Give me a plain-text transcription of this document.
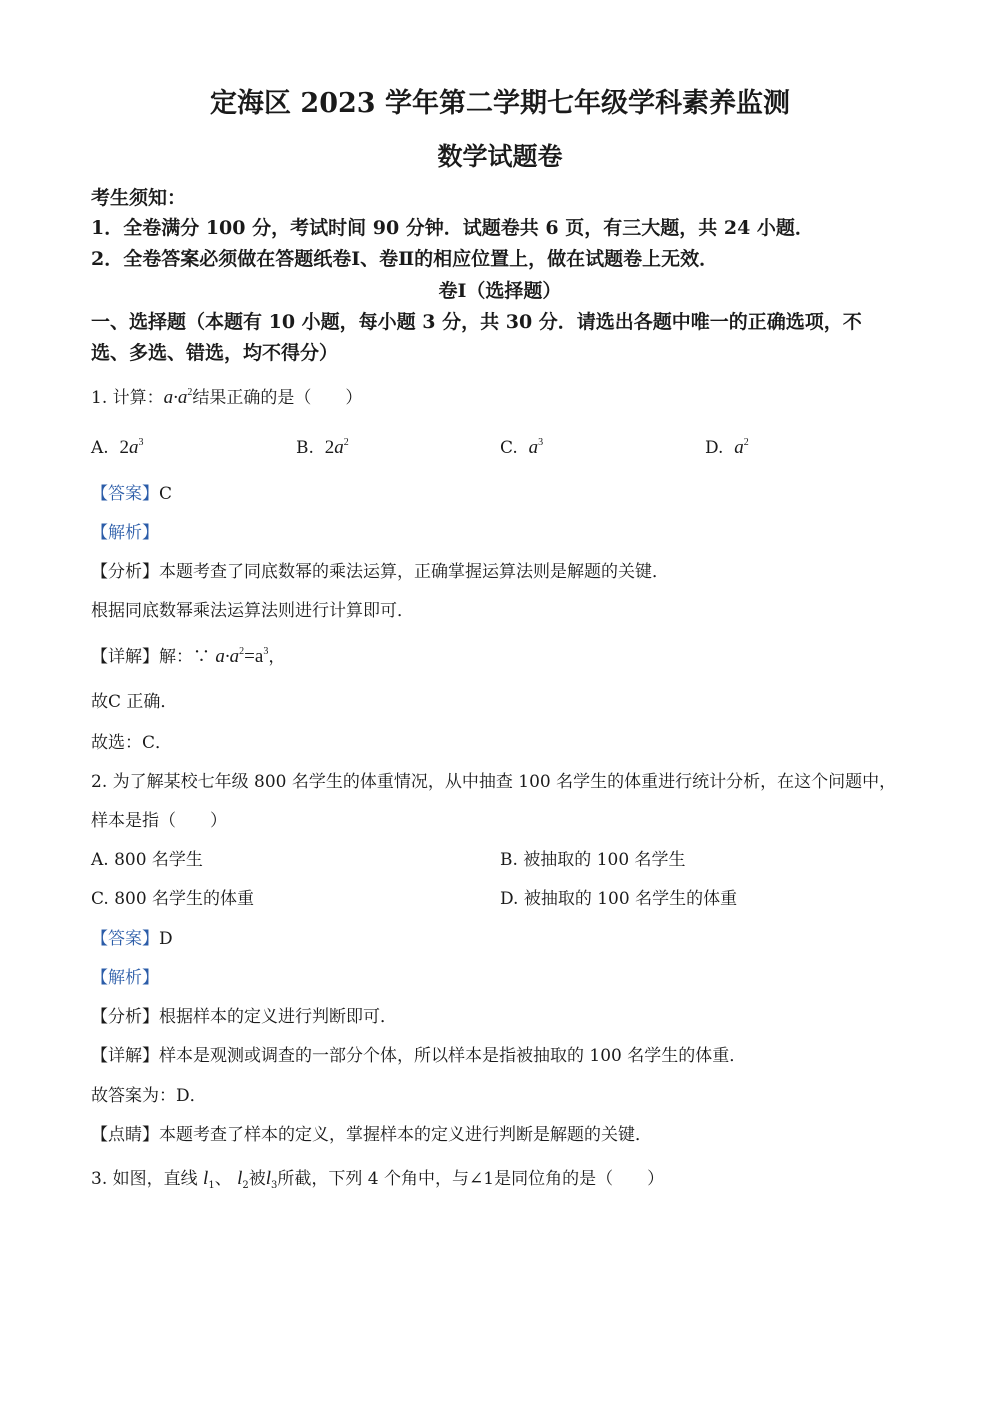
定海区 2023 学年第二学期七年级学科素养监测
数学试题卷
考生须知：
1．全卷满分 100 分，考试时间 90 分钟．试题卷共 6 页，有三大题，共 24 小题．
2．全卷答案必须做在答题纸卷Ⅰ、卷Ⅱ的相应位置上，做在试题卷上无效．
卷Ⅰ（选择题）
一、选择题（本题有 10 小题，每小题 3 分，共 30 分．请选出各题中唯一的正确选项，不
选、多选、错选，均不得分）
1. 计算：$a\cdot a^2$结果正确的是（　　）
A. $2a^3$	B. $2a^2$	C. $a^3$	D. $a^2$
【答案】C
【解析】
【分析】本题考查了同底数幂的乘法运算，正确掌握运算法则是解题的关键．
根据同底数幂乘法运算法则进行计算即可．
【详解】解：∵ $a\cdot a^2=a^3$，
故C 正确．
故选：C．
2. 为了解某校七年级 800 名学生的体重情况，从中抽查 100 名学生的体重进行统计分析，在这个问题中，
样本是指（　　）
A. 800 名学生	B. 被抽取的 100 名学生
C. 800 名学生的体重	D. 被抽取的 100 名学生的体重
【答案】D
【解析】
【分析】根据样本的定义进行判断即可．
【详解】样本是观测或调查的一部分个体，所以样本是指被抽取的 100 名学生的体重．
故答案为：D．
【点睛】本题考查了样本的定义，掌握样本的定义进行判断是解题的关键．
3. 如图，直线 $l_1$、 $l_2$被$l_3$所截，下列 4 个角中，与∠1是同位角的是（　　）
